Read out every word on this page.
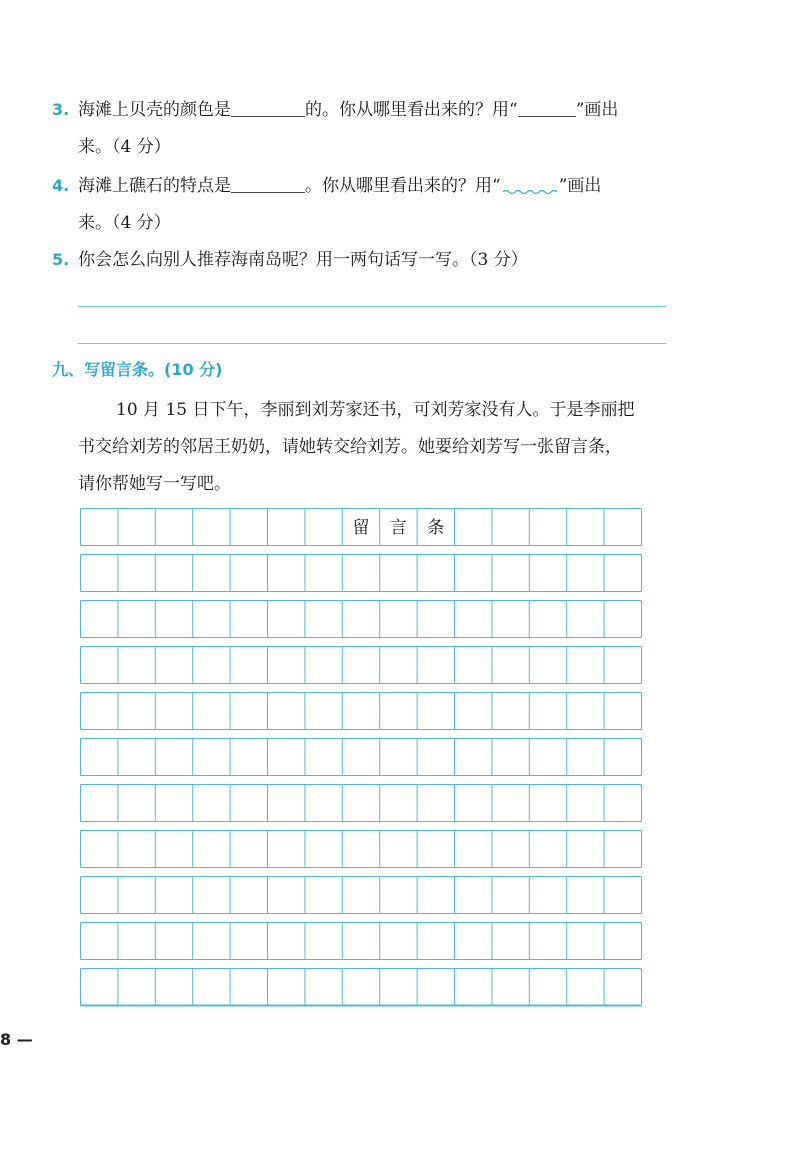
3. 海滩上贝壳的颜色是	的。你从哪里看出来的？用“	”画出
来。（4 分）
4. 海滩上礁石的特点是	。你从哪里看出来的？用“	”画出
来。（4 分）
5. 你会怎么向别人推荐海南岛呢？用一两句话写一写。（3 分）
九、写留言条。(10 分)
10 月 15 日下午，李丽到刘芳家还书，可刘芳家没有人。于是李丽把
书交给刘芳的邻居王奶奶，请她转交给刘芳。她要给刘芳写一张留言条，
请你帮她写一写吧。
留 言 条
8 —
